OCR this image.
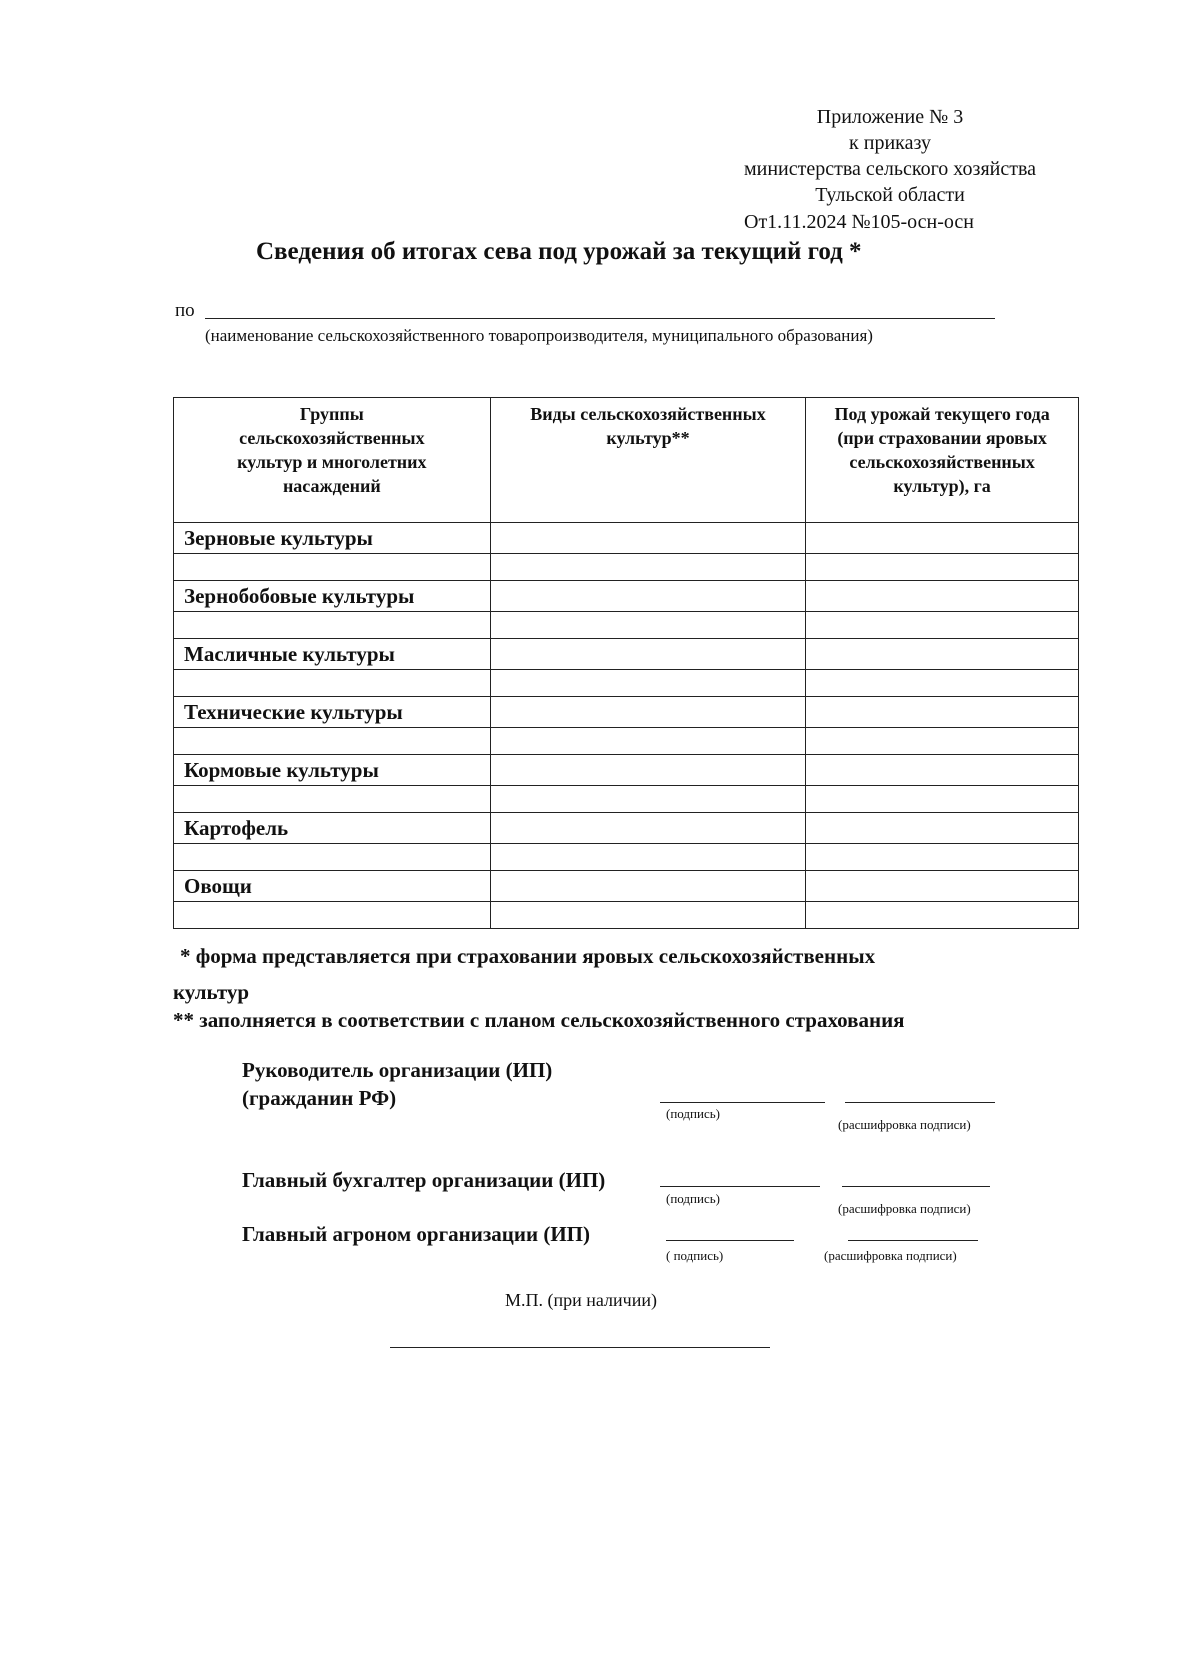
Приложение № 3
к приказу
министерства сельского хозяйства
Тульской области
От1.11.2024 №105-осн-осн
Сведения об итогах сева под урожай за текущий год *
по
(наименование сельскохозяйственного товаропроизводителя, муниципального образования)
Группы сельскохозяйственных культур и многолетних насаждений	Виды сельскохозяйственных культур**	Под урожай текущего года (при страховании яровых сельскохозяйственных культур), га

Зерновые культуры		

Зернобобовые культуры		

Масличные культуры		

Технические культуры		

Кормовые культуры		

Картофель		

Овощи		

* форма представляется при страховании яровых сельскохозяйственных
культур
** заполняется в соответствии с планом сельскохозяйственного страхования
Руководитель организации (ИП)
(гражданин РФ)
(подпись)
(расшифровка подписи)
Главный бухгалтер организации (ИП)
(подпись)
(расшифровка подписи)
Главный агроном организации (ИП)
( подпись)	(расшифровка подписи)
М.П. (при наличии)
